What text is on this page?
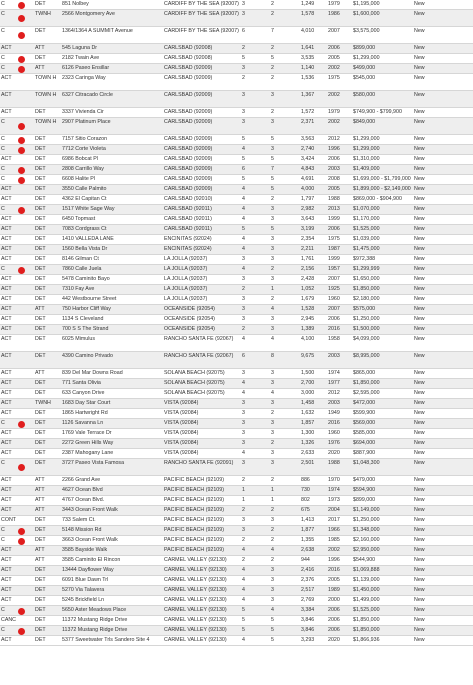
C	DET	851 Nolbey	CARDIFF BY THE SEA (92007) 3	2	1,249	1979	$1,195,000	New
C	TWNH	2566 Montgomery Ave	CARDIFF BY THE SEA (92007) 3	2	1,578	1986	$1,600,000	New
C	DET	1364/1364 A SUMMIT Avenue	CARDIFF BY THE SEA (92007) 6	7	4,010	2007	$3,575,000	New
ACT	ATT	545 Laguna Dr	CARLSBAD (92008)	2	2	1,641	2006	$899,000	New
C	DET	2182 Twain Ave	CARLSBAD (92008)	5	5	3,535	2005	$1,299,000	New
C	ATT	6126 Paseo Ensillar	CARLSBAD (92009)	3	2	1,140	2002	$499,000	New
ACT	TOWN H	2323 Caringa Way	CARLSBAD (92009)	2	2	1,536	1975	$545,000	New
ACT	TOWN H	6327 Citracado Circle	CARLSBAD (92009)	3	3	1,367	2002	$580,000	New
ACT	DET	3337 Vivienda Cir	CARLSBAD (92009)	3	2	1,572	1979	$749,900 - $799,900	New
C	TOWN H	2907 Platinum Place	CARLSBAD (92009)	3	3	2,371	2002	$849,000	New
C	DET	7157 Sitio Corazon	CARLSBAD (92009)	5	5	3,563	2012	$1,299,000	New
C	DET	7712 Corte Violeta	CARLSBAD (92009)	4	3	2,740	1996	$1,299,000	New
ACT	DET	6986 Bobcat Pl	CARLSBAD (92009)	5	5	3,424	2006	$1,310,000	New
C	DET	2808 Carrillo Way	CARLSBAD (92009)	6	7	4,843	2003	$1,409,000	New
C	DET	6608 Halite Pl	CARLSBAD (92009)	5	5	4,691	2008	$1,699,000 - $1,799,000 New
ACT	DET	3550 Calle Palmito	CARLSBAD (92009)	4	5	4,000	2005	$1,899,000 - $2,149,000 New
ACT	DET	4362 El Capitan Ct	CARLSBAD (92010)	4	2	1,797	1988	$869,000 - $904,900	New
C	DET	1517 White Sage Way	CARLSBAD (92011)	4	3	2,982	2013	$1,070,000	New
ACT	DET	6450 Topmast	CARLSBAD (92011)	4	3	3,643	1999	$1,170,000	New
ACT	DET	7083 Cordgrass Ct	CARLSBAD (92011)	5	5	3,199	2006	$1,525,000	New
ACT	DET	1410 VALLEDA LANE	ENCINITAS (92024)	4	3	2,354	1975	$1,039,000	New
ACT	DET	1560 Bella Vista Dr	ENCINITAS (92024)	4	3	2,211	1987	$1,475,000	New
ACT	DET	8146 Gilman Ct	LA JOLLA (92037)	3	3	1,761	1999	$972,388	New
C	DET	7860 Calle Juela	LA JOLLA (92037)	4	2	2,156	1957	$1,299,999	New
ACT	DET	5478 Caminito Bayo	LA JOLLA (92037)	3	3	2,428	2007	$1,650,000	New
ACT	DET	7310 Fay Ave	LA JOLLA (92037)	2	1	1,052	1925	$1,850,000	New
ACT	DET	442 Westbourne Street	LA JOLLA (92037)	3	2	1,679	1960	$2,180,000	New
ACT	ATT	750 Harbor Cliff Way	OCEANSIDE (92054)	3	4	1,528	2007	$575,000	New
ACT	DET	1134 S Cleveland	OCEANSIDE (92054)	3	3	2,945	2006	$1,250,000	New
ACT	DET	700 S S The Strand	OCEANSIDE (92054)	2	3	1,389	2016	$1,500,000	New
ACT	DET	6025 Mimulus	RANCHO SANTA FE (92067)	4	4	4,100	1958	$4,099,000	New
ACT	DET	4390 Camino Privado	RANCHO SANTA FE (92067)	6	8	9,675	2003	$8,995,000	New
ACT	ATT	839 Del Mar Downs Road	SOLANA BEACH (92075)	3	3	1,500	1974	$865,000	New
ACT	DET	771 Santa Olivia	SOLANA BEACH (92075)	4	3	2,700	1977	$1,850,000	New
ACT	DET	633 Canyon Drive	SOLANA BEACH (92075)	4	4	3,000	2012	$2,595,000	New
ACT	TWNH	1683 Day Star Court	VISTA (92084)	3	3	1,458	2003	$472,000	New
ACT	DET	1865 Hartwright Rd	VISTA (92084)	3	2	1,632	1949	$599,900	New
C	DET	1126 Savanna Ln	VISTA (92084)	3	3	1,857	2016	$569,000	New
ACT	DET	1769 Vale Terrace Dr	VISTA (92084)	3	3	1,300	1960	$585,000	New
ACT	DET	2272 Green Hills Way	VISTA (92084)	3	2	1,326	1976	$694,000	New
ACT	DET	2387 Mahogany Lane	VISTA (92084)	4	3	2,633	2020	$887,900	New
C	DET	3727 Paseo Vista Famosa	RANCHO SANTA FE (92091)	3	3	2,501	1988	$1,048,300	New
ACT	ATT	2266 Grand Ave	PACIFIC BEACH (92109)	2	2	886	1970	$479,000	New
ACT	ATT	4627 Ocean Blvd	PACIFIC BEACH (92109)	1	1	730	1974	$594,900	New
ACT	ATT	4767 Ocean Blvd.	PACIFIC BEACH (92109)	1	1	802	1973	$899,000	New
ACT	ATT	3443 Ocean Front Walk	PACIFIC BEACH (92109)	2	2	675	2004	$1,149,000	New
CONT	DET	733 Salem Ct.	PACIFIC BEACH (92109)	3	3	1,413	2017	$1,250,000	New
C	DET	5148 Mission Rd	PACIFIC BEACH (92109)	3	2	1,877	1966	$1,348,000	New
C	DET	3663 Ocean Front Walk	PACIFIC BEACH (92109)	2	2	1,355	1985	$2,160,000	New
ACT	ATT	3585 Bayside Walk	PACIFIC BEACH (92109)	4	4	2,638	2002	$2,950,000	New
ACT	ATT	3585 Caminito El Rincon	CARMEL VALLEY (92130)	2	2	944	1996	$544,900	New
ACT	DET	13444 Dayflower Way	CARMEL VALLEY (92130)	4	3	2,416	2016	$1,069,888	New
ACT	DET	6091 Blue Dawn Trl	CARMEL VALLEY (92130)	4	3	2,376	2005	$1,139,000	New
ACT	DET	5270 Via Talavera	CARMEL VALLEY (92130)	4	3	2,517	1989	$1,450,000	New
ACT	DET	5245 Brickfield Ln	CARMEL VALLEY (92130)	4	3	2,769	2000	$1,499,000	New
C	DET	5650 Aster Meadows Place	CARMEL VALLEY (92130)	5	4	3,384	2006	$1,525,000	New
CANC	DET	11372 Mustang Ridge Drive	CARMEL VALLEY (92130)	5	5	3,846	2006	$1,850,000	New
C	DET	11372 Mustang Ridge Drive	CARMEL VALLEY (92130)	5	5	3,846	2006	$1,850,000	New
ACT	DET	5377 Sweetwater Trls Sandero Site 4	CARMEL VALLEY (92130)	4	5	3,293	2020	$1,866,936	New
